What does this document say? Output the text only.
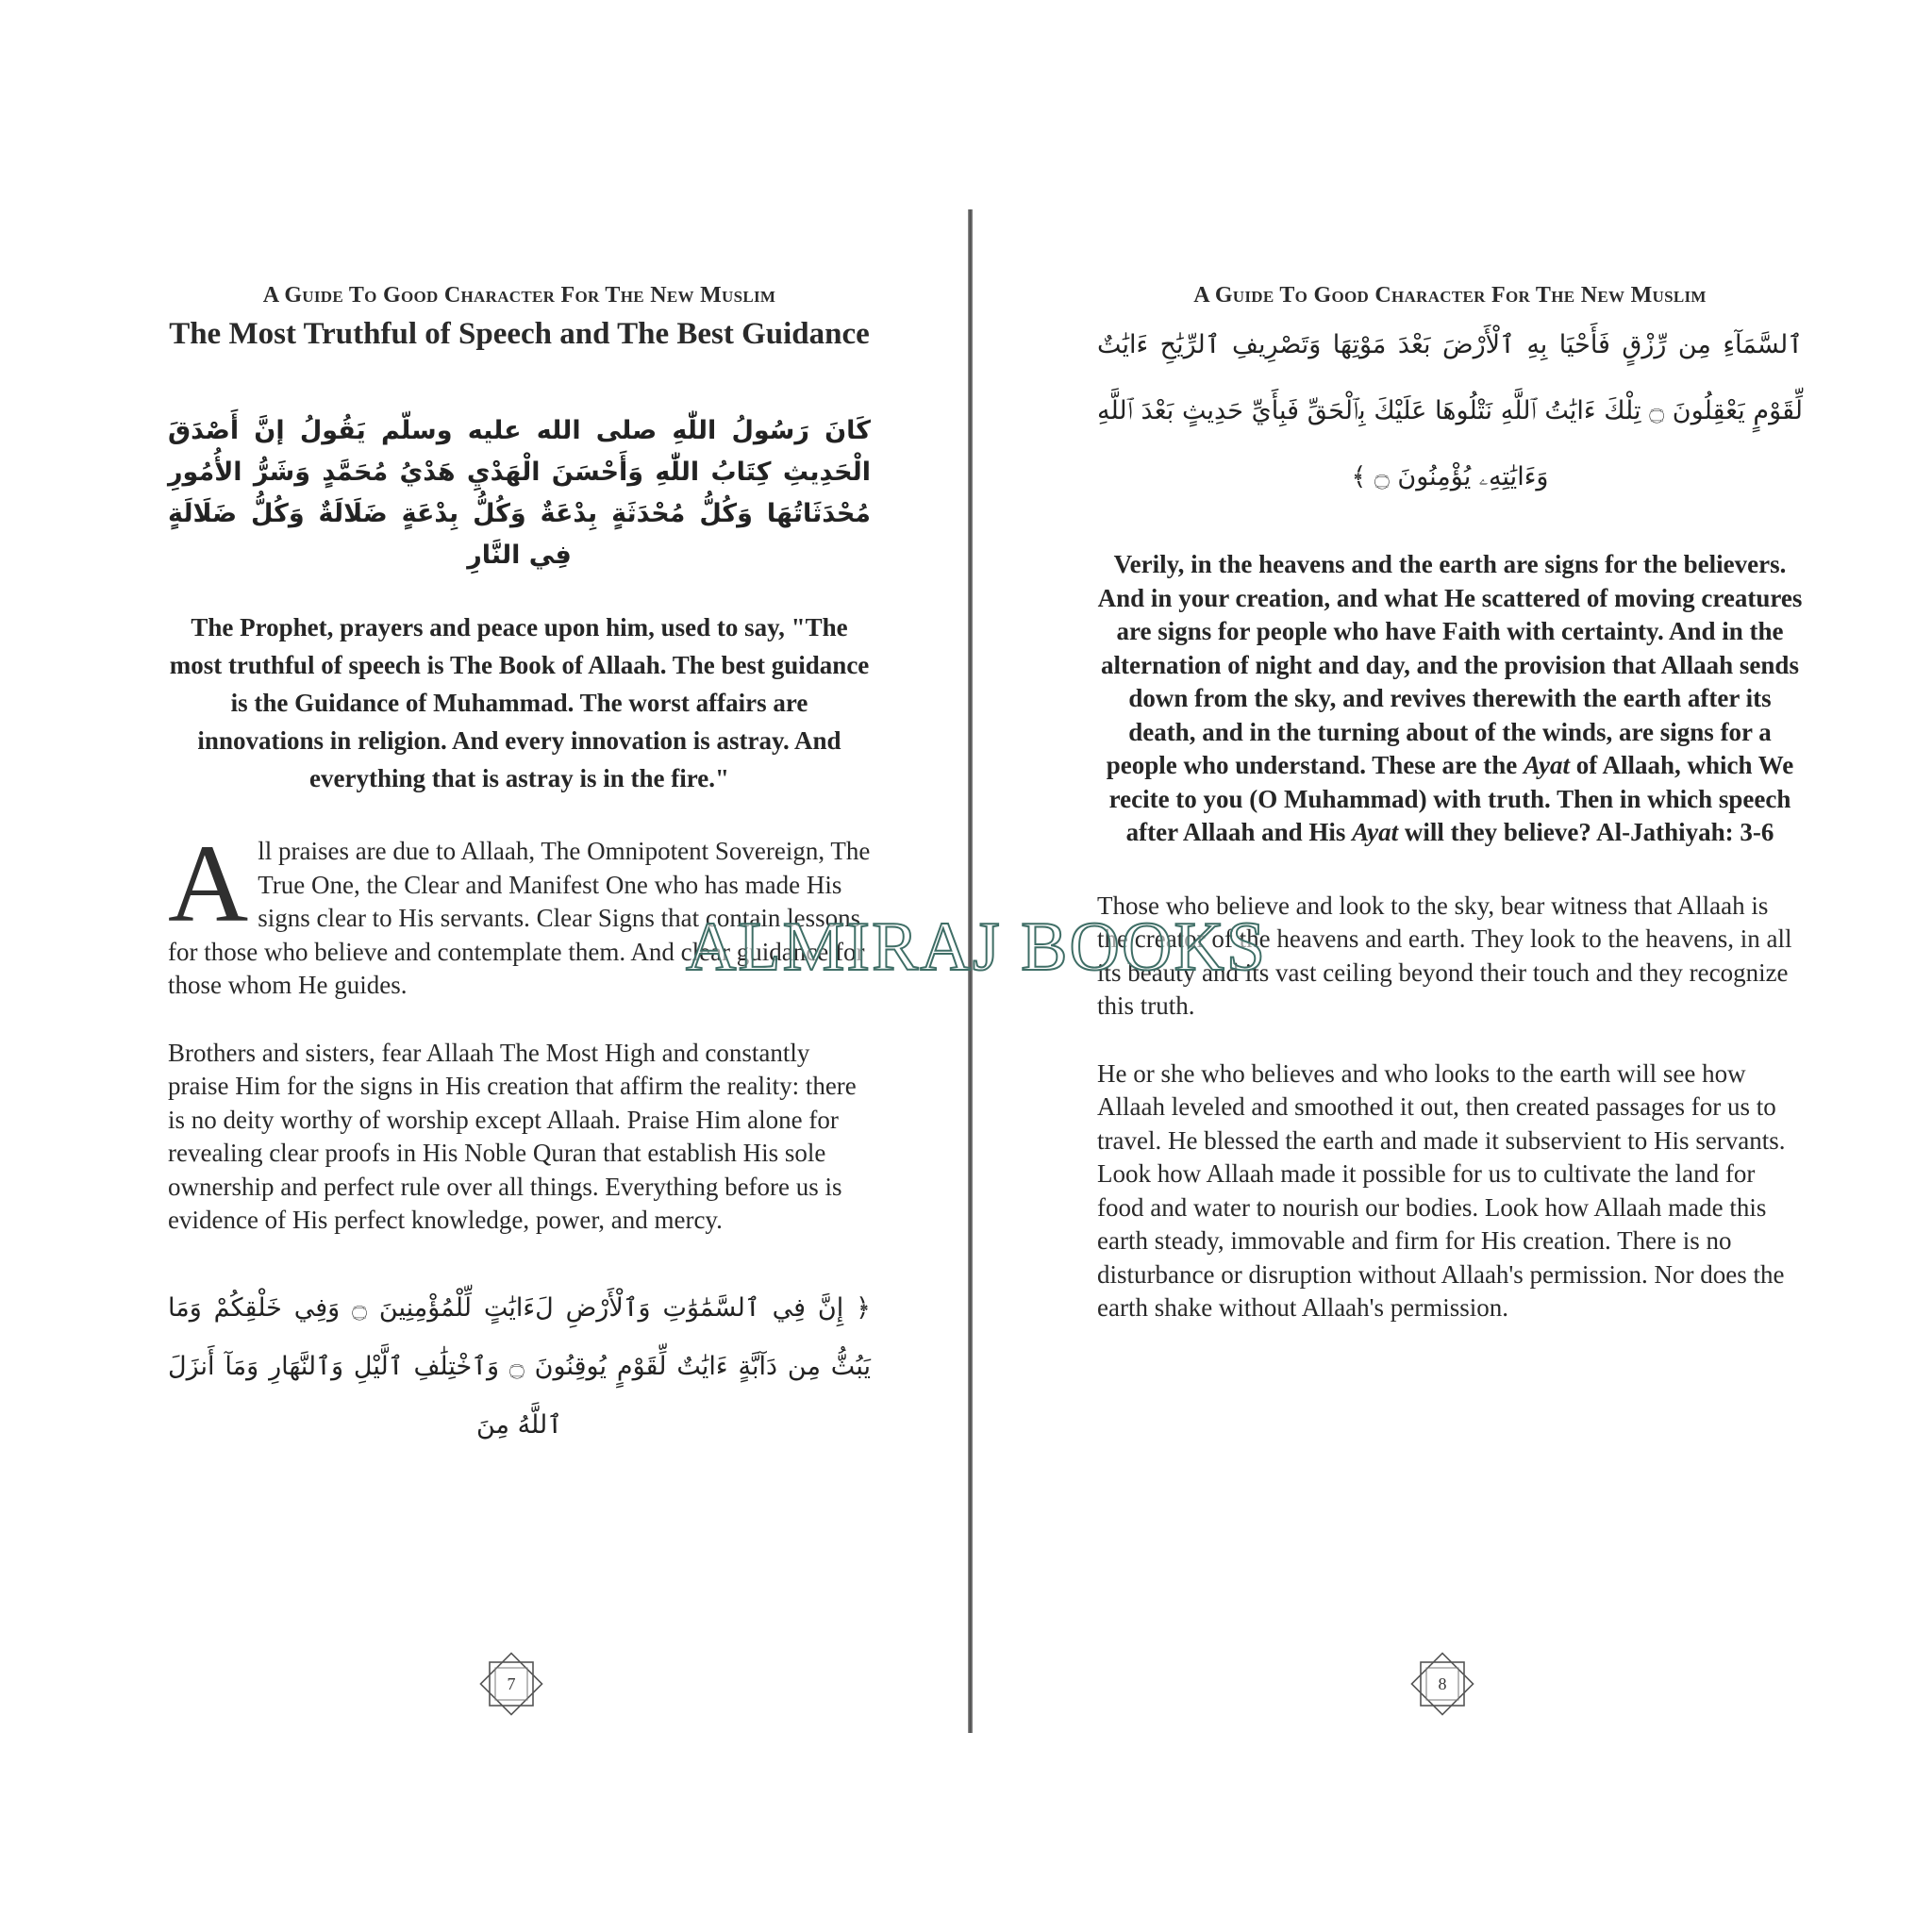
A Guide To Good Character For The New Muslim
The Most Truthful of Speech and The Best Guidance

كَانَ رَسُولُ اللّٰهِ صلى الله عليه وسلّم يَقُولُ إنَّ أَصْدَقَ الْحَدِيثِ كِتَابُ اللّٰهِ وَأَحْسَنَ الْهَدْيِ هَدْيُ مُحَمَّدٍ وَشَرُّ الأُمُورِ مُحْدَثَاتُهَا وَكُلُّ مُحْدَثَةٍ بِدْعَةٌ وَكُلُّ بِدْعَةٍ ضَلَالَةٌ وَكُلُّ ضَلَالَةٍ فِي النَّارِ

The Prophet, prayers and peace upon him, used to say, "The most truthful of speech is The Book of Allaah. The best guidance is the Guidance of Muhammad. The worst affairs are innovations in religion. And every innovation is astray. And everything that is astray is in the fire."

All praises are due to Allaah, The Omnipotent Sovereign, The True One, the Clear and Manifest One who has made His signs clear to His servants. Clear Signs that contain lessons for those who believe and contemplate them. And clear guidance for those whom He guides.

Brothers and sisters, fear Allaah The Most High and constantly praise Him for the signs in His creation that affirm the reality: there is no deity worthy of worship except Allaah. Praise Him alone for revealing clear proofs in His Noble Quran that establish His sole ownership and perfect rule over all things. Everything before us is evidence of His perfect knowledge, power, and mercy.

﴿ إِنَّ فِي ٱلسَّمَٰوَٰتِ وَٱلْأَرْضِ لَءَايَٰتٍ لِّلْمُؤْمِنِينَ ۝ وَفِي خَلْقِكُمْ وَمَا يَبُثُّ مِن دَآبَّةٍ ءَايَٰتٌ لِّقَوْمٍ يُوقِنُونَ ۝ وَٱخْتِلَٰفِ ٱلَّيْلِ وَٱلنَّهَارِ وَمَآ أَنزَلَ ٱللَّهُ مِنَ

7
A Guide To Good Character For The New Muslim

ٱلسَّمَآءِ مِن رِّزْقٍ فَأَحْيَا بِهِ ٱلْأَرْضَ بَعْدَ مَوْتِهَا وَتَصْرِيفِ ٱلرِّيَٰحِ ءَايَٰتٌ لِّقَوْمٍ يَعْقِلُونَ ۝ تِلْكَ ءَايَٰتُ ٱللَّهِ نَتْلُوهَا عَلَيْكَ بِٱلْحَقِّ فَبِأَيِّ حَدِيثٍ بَعْدَ ٱللَّهِ وَءَايَٰتِهِۦ يُؤْمِنُونَ ۝ ﴾

Verily, in the heavens and the earth are signs for the believers. And in your creation, and what He scattered of moving creatures are signs for people who have Faith with certainty. And in the alternation of night and day, and the provision that Allaah sends down from the sky, and revives therewith the earth after its death, and in the turning about of the winds, are signs for a people who understand. These are the Ayat of Allaah, which We recite to you (O Muhammad) with truth. Then in which speech after Allaah and His Ayat will they believe? Al-Jathiyah: 3-6

Those who believe and look to the sky, bear witness that Allaah is the creator of the heavens and earth. They look to the heavens, in all its beauty and its vast ceiling beyond their touch and they recognize this truth.

He or she who believes and who looks to the earth will see how Allaah leveled and smoothed it out, then created passages for us to travel. He blessed the earth and made it subservient to His servants. Look how Allaah made it possible for us to cultivate the land for food and water to nourish our bodies. Look how Allaah made this earth steady, immovable and firm for His creation. There is no disturbance or disruption without Allaah's permission. Nor does the earth shake without Allaah's permission.

8
ALMIRAJ BOOKS
